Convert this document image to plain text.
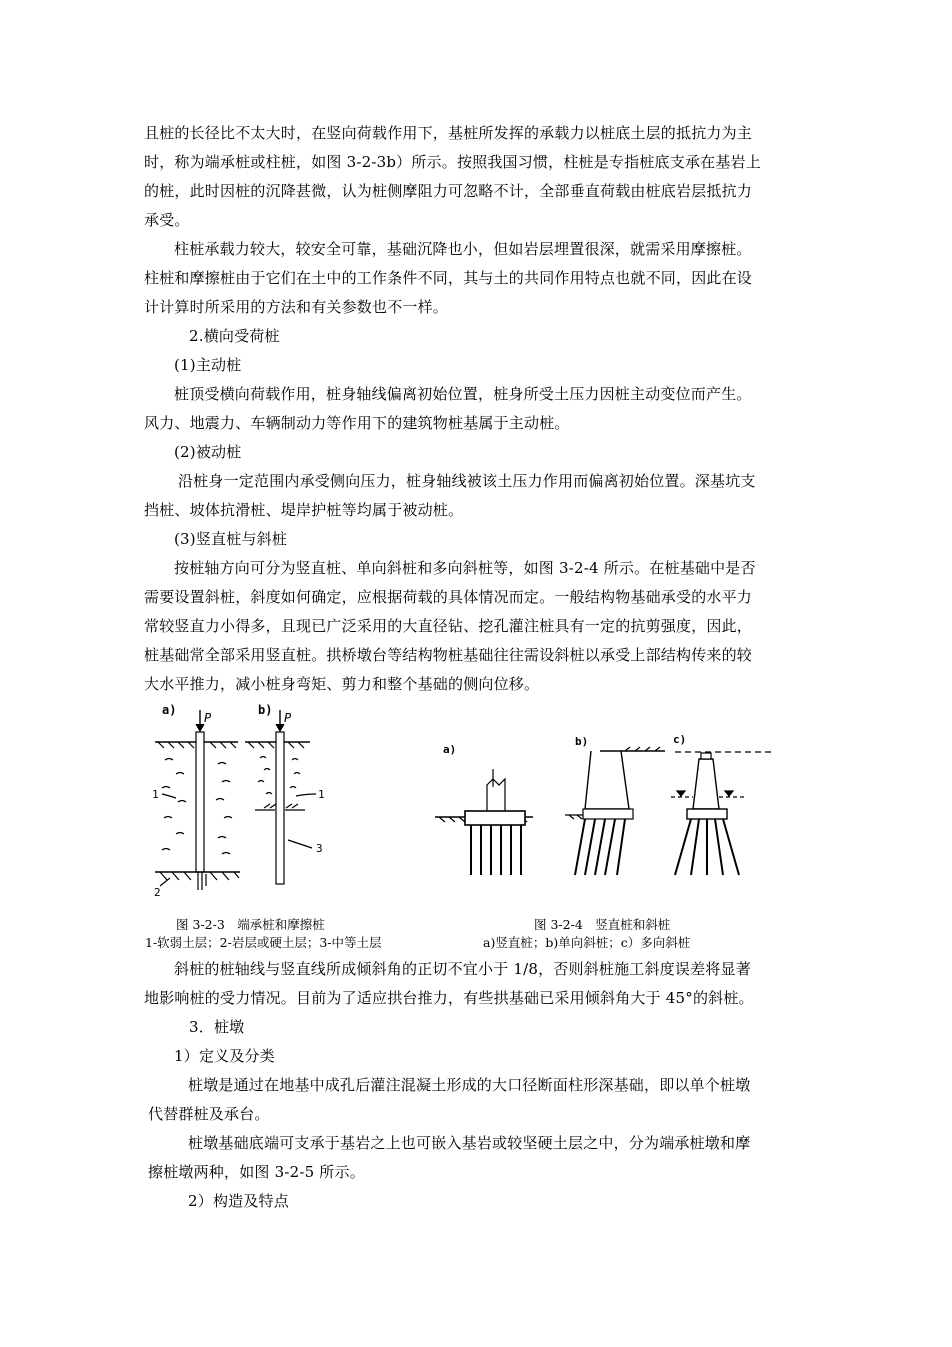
且桩的长径比不太大时，在竖向荷载作用下，基桩所发挥的承载力以桩底土层的抵抗力为主
时，称为端承桩或柱桩，如图 3-2-3b）所示。按照我国习惯，柱桩是专指桩底支承在基岩上
的桩，此时因桩的沉降甚微，认为桩侧摩阻力可忽略不计，全部垂直荷载由桩底岩层抵抗力
承受。
柱桩承载力较大，较安全可靠，基础沉降也小，但如岩层埋置很深，就需采用摩擦桩。
柱桩和摩擦桩由于它们在土中的工作条件不同，其与土的共同作用特点也就不同，因此在设
计计算时所采用的方法和有关参数也不一样。
2.横向受荷桩
(1)主动桩
桩顶受横向荷载作用，桩身轴线偏离初始位置，桩身所受土压力因桩主动变位而产生。
风力、地震力、车辆制动力等作用下的建筑物桩基属于主动桩。
(2)被动桩
沿桩身一定范围内承受侧向压力，桩身轴线被该土压力作用而偏离初始位置。深基坑支
挡桩、坡体抗滑桩、堤岸护桩等均属于被动桩。
(3)竖直桩与斜桩
按桩轴方向可分为竖直桩、单向斜桩和多向斜桩等，如图 3-2-4 所示。在桩基础中是否
需要设置斜桩，斜度如何确定，应根据荷载的具体情况而定。一般结构物基础承受的水平力
常较竖直力小得多，且现已广泛采用的大直径钻、挖孔灌注桩具有一定的抗剪强度，因此，
桩基础常全部采用竖直桩。拱桥墩台等结构物桩基础往往需设斜桩以承受上部结构传来的较
大水平推力，减小桩身弯矩、剪力和整个基础的侧向位移。
a)	b)
P	P
1	1
2
3
a)
b)	c)
图 3-2-3　端承桩和摩擦桩
1-软弱土层；2-岩层或硬土层；3-中等土层
图 3-2-4　竖直桩和斜桩
a)竖直桩；b)单向斜桩；c）多向斜桩
斜桩的桩轴线与竖直线所成倾斜角的正切不宜小于 1/8，否则斜桩施工斜度误差将显著
地影响桩的受力情况。目前为了适应拱台推力，有些拱基础已采用倾斜角大于 45°的斜桩。
3．桩墩
1）定义及分类
桩墩是通过在地基中成孔后灌注混凝土形成的大口径断面柱形深基础，即以单个桩墩
代替群桩及承台。
桩墩基础底端可支承于基岩之上也可嵌入基岩或较坚硬土层之中，分为端承桩墩和摩
擦桩墩两种，如图 3-2-5 所示。
2）构造及特点
